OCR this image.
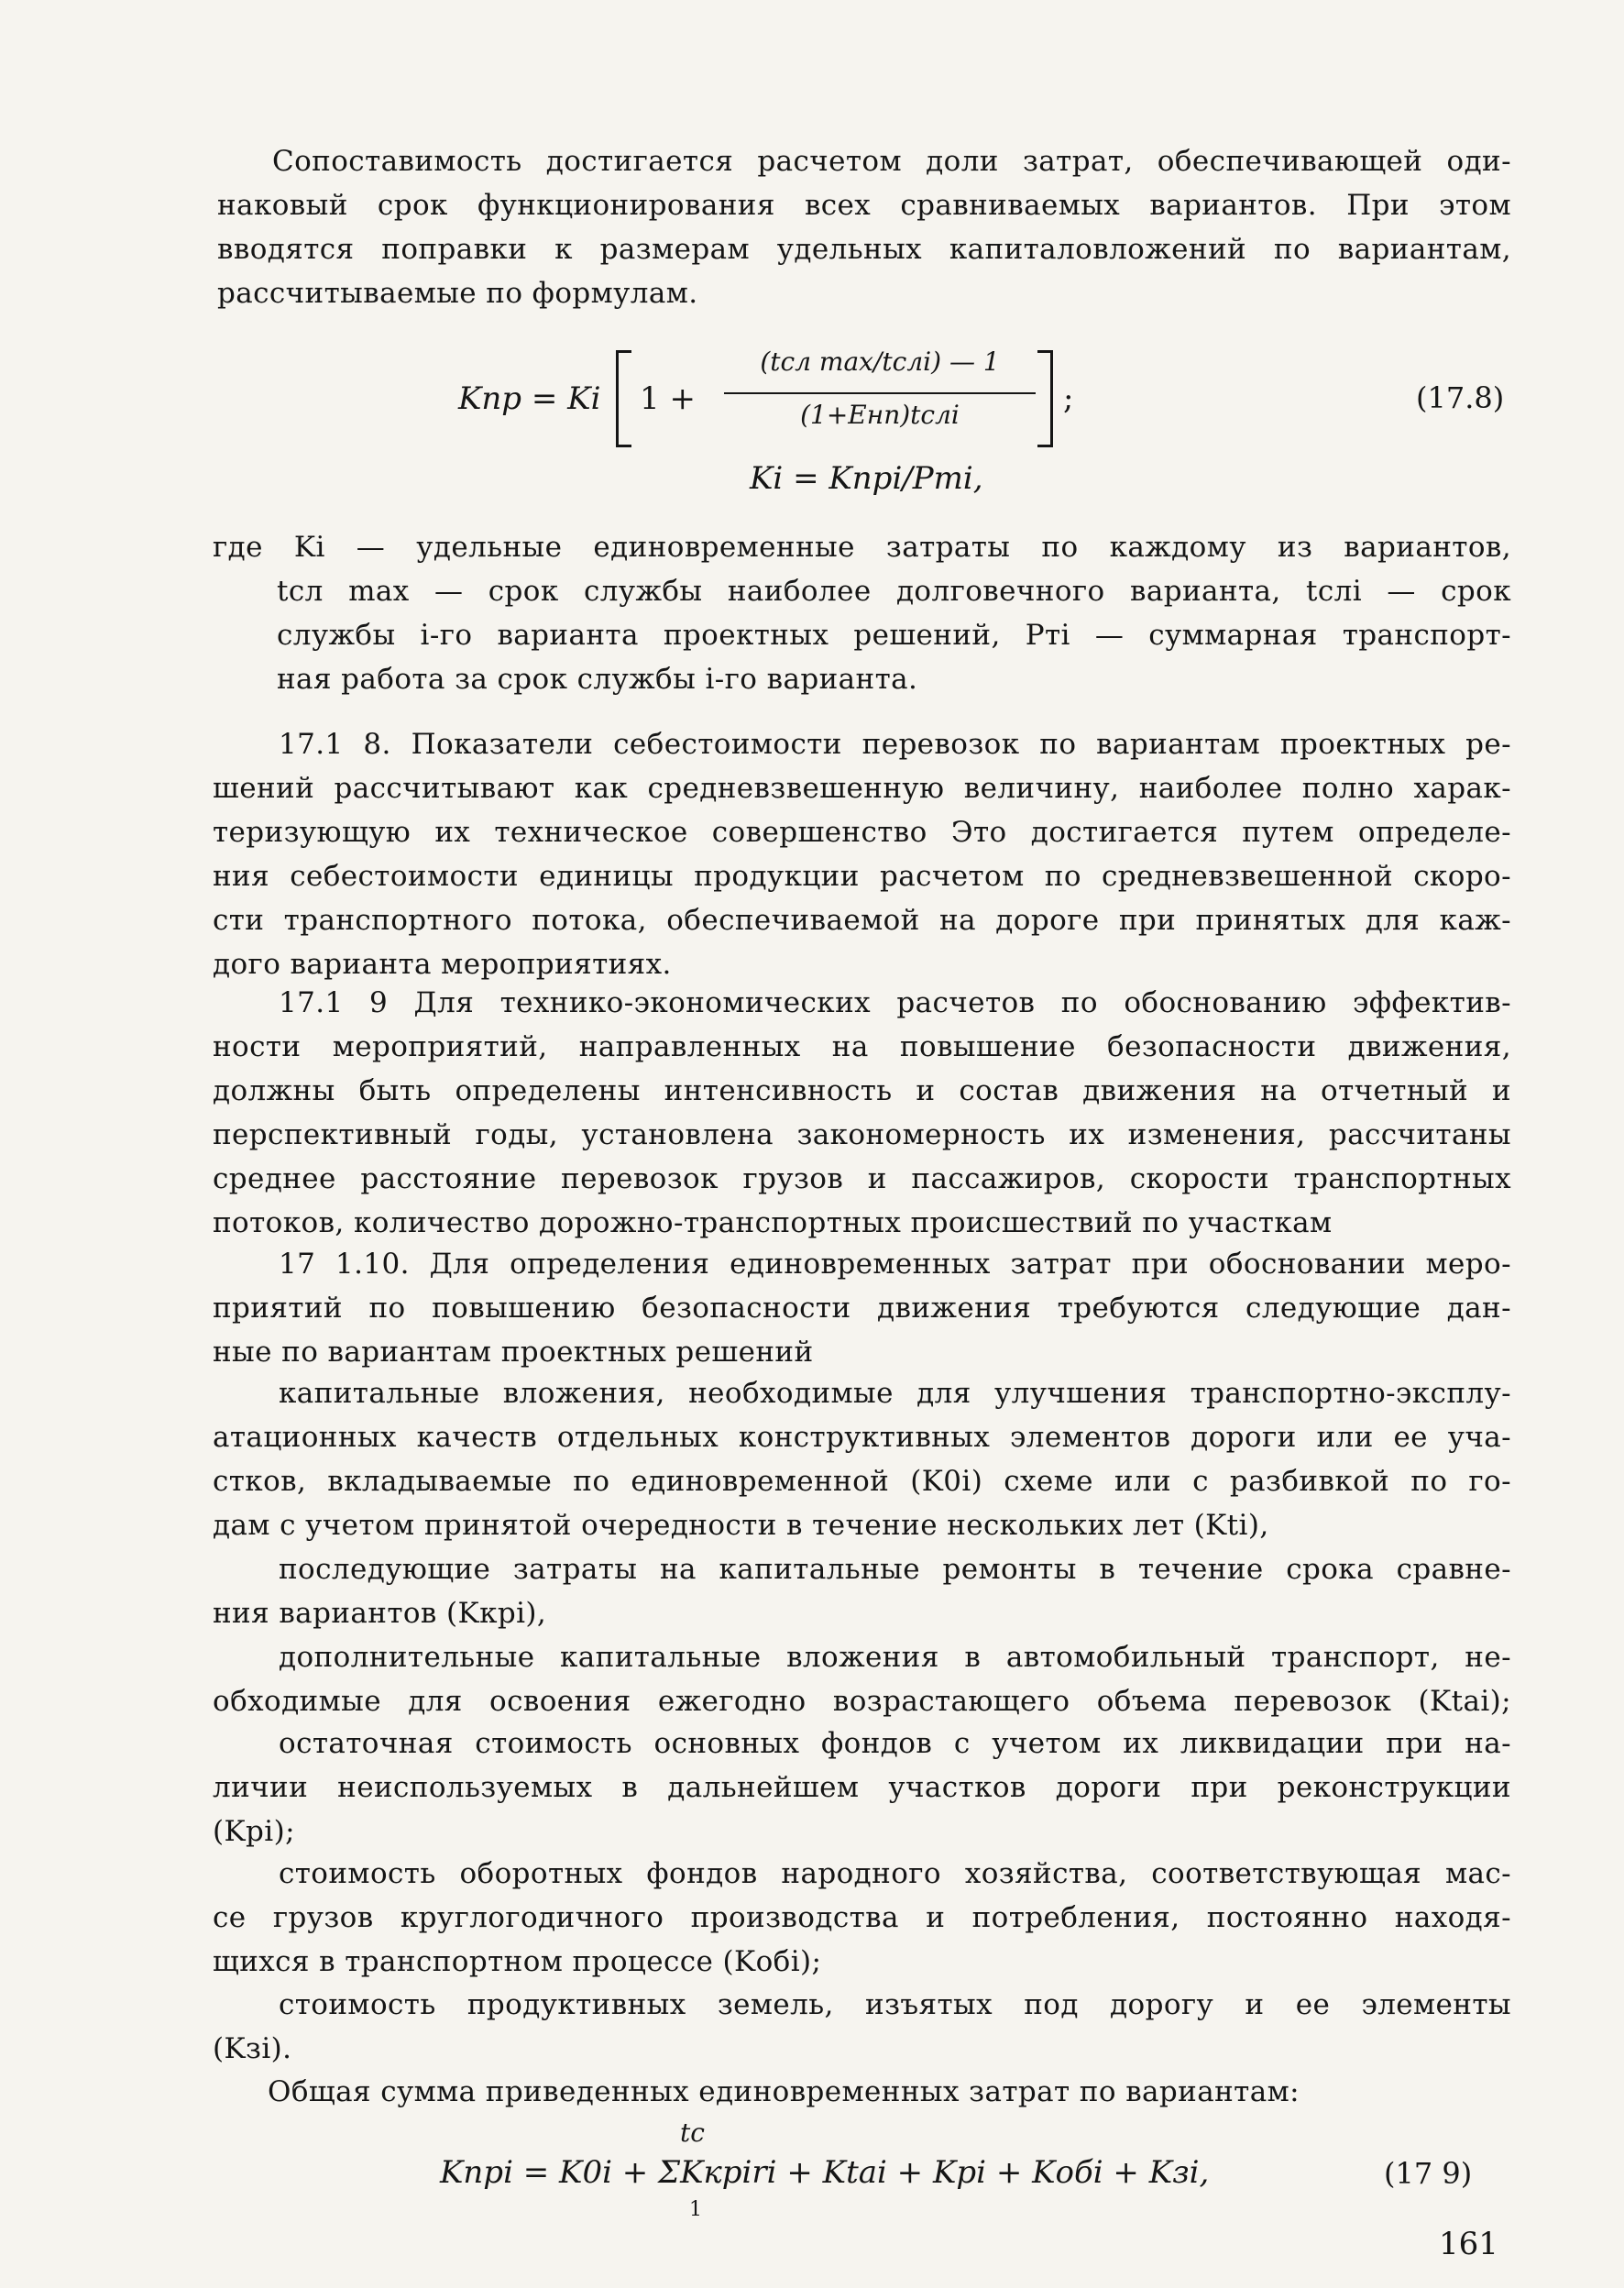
Сопоставимость достигается расчетом доли затрат, обеспечивающей оди-
наковый срок функционирования всех сравниваемых вариантов. При этом
вводятся поправки к размерам удельных капиталовложений по вариантам,
рассчитываемые по формулам.
Kпр = Ki 1 +
(tсл max/tслi) — 1
(1+Eнп)tслi	;	(17.8)
Ki = Kпрi/Pтi,
где Ki — удельные единовременные затраты по каждому из вариантов,
tсл max — срок службы наиболее долговечного варианта, tслi — срок
службы i-го варианта проектных решений, Pтi — суммарная транспорт-
ная работа за срок службы i-го варианта.
17.1 8. Показатели себестоимости перевозок по вариантам проектных ре-
шений рассчитывают как средневзвешенную величину, наиболее полно харак-
теризующую их техническое совершенство Это достигается путем определе-
ния себестоимости единицы продукции расчетом по средневзвешенной скоро-
сти транспортного потока, обеспечиваемой на дороге при принятых для каж-
дого варианта мероприятиях.
17.1 9 Для технико-экономических расчетов по обоснованию эффектив-
ности мероприятий, направленных на повышение безопасности движения,
должны быть определены интенсивность и состав движения на отчетный и
перспективный годы, установлена закономерность их изменения, рассчитаны
среднее расстояние перевозок грузов и пассажиров, скорости транспортных
потоков, количество дорожно-транспортных происшествий по участкам
17 1.10. Для определения единовременных затрат при обосновании меро-
приятий по повышению безопасности движения требуются следующие дан-
ные по вариантам проектных решений
капитальные вложения, необходимые для улучшения транспортно-эксплу-
атационных качеств отдельных конструктивных элементов дороги или ее уча-
стков, вкладываемые по единовременной (K0i) схеме или с разбивкой по го-
дам с учетом принятой очередности в течение нескольких лет (Kti),
последующие затраты на капитальные ремонты в течение срока сравне-
ния вариантов (Kкрi),
дополнительные капитальные вложения в автомобильный транспорт, не-
обходимые для освоения ежегодно возрастающего объема перевозок (Ktаi);
остаточная стоимость основных фондов с учетом их ликвидации при на-
личии неиспользуемых в дальнейшем участков дороги при реконструкции
(Kpi);
стоимость оборотных фондов народного хозяйства, соответствующая мас-
се грузов круглогодичного производства и потребления, постоянно находя-
щихся в транспортном процессе (Kобi);
стоимость продуктивных земель, изъятых под дорогу и ее элементы
(Kзi).
Общая сумма приведенных единовременных затрат по вариантам:
tс
Kпрi = K0i + ΣKкрiri + Ktаi + Kpi + Kобi + Kзi,
1
(17 9)
161
